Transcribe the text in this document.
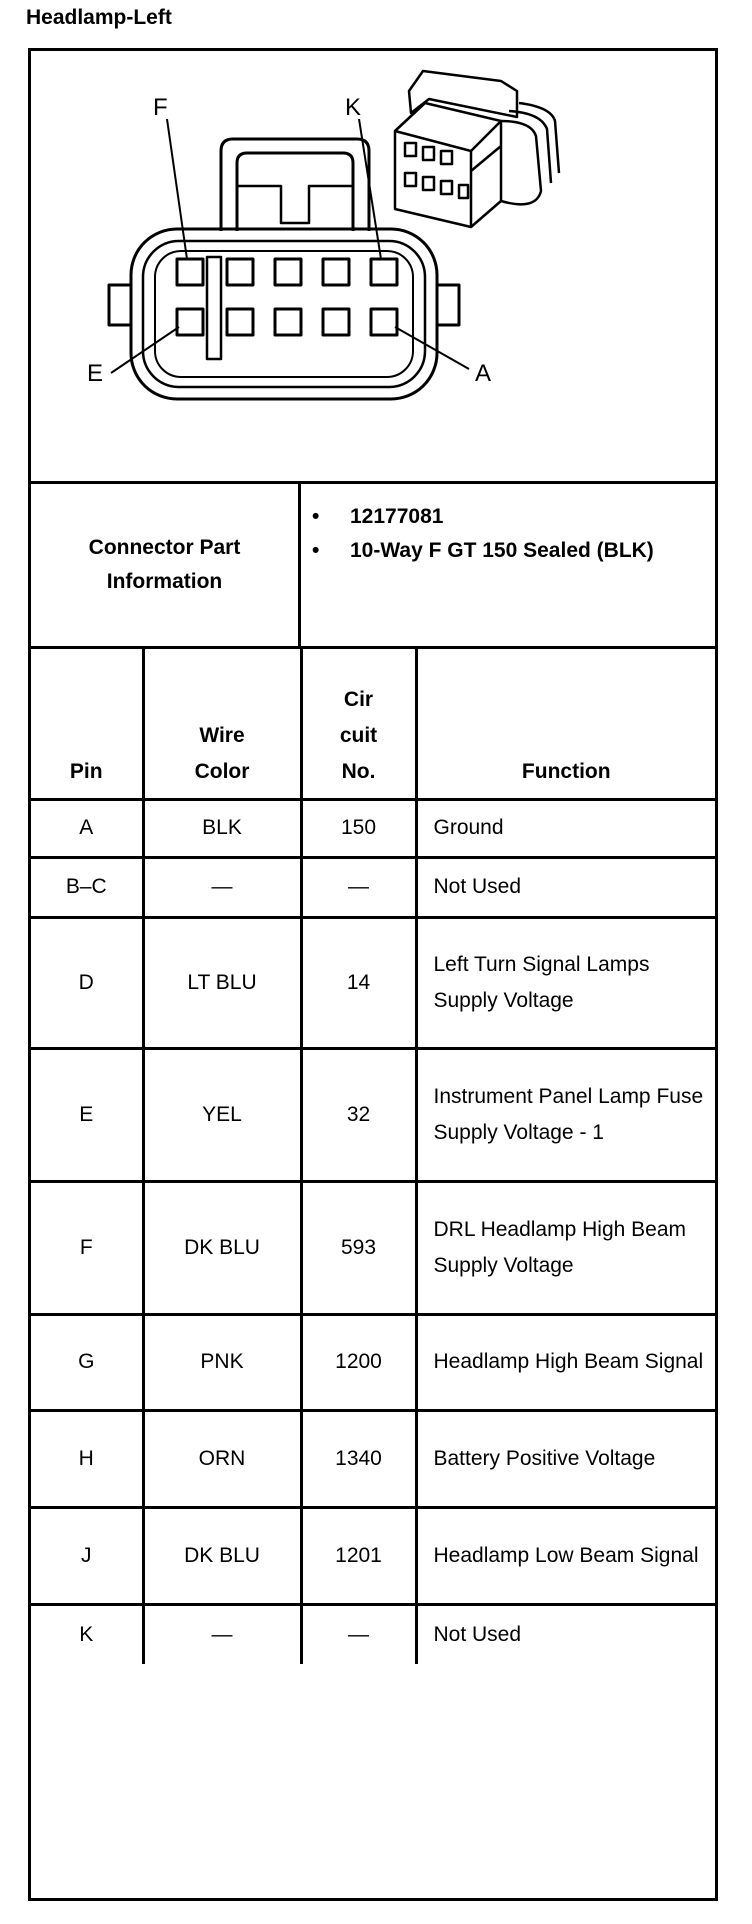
Headlamp-Left
F	K
E	A
Connector Part Information
•	12177081
•	10-Way F GT 150 Sealed (BLK)
Pin	Wire Color	Cir cuit No.	Function
A	BLK	150	Ground
B–C	—	—	Not Used
D	LT BLU	14	Left Turn Signal Lamps Supply Voltage
E	YEL	32	Instrument Panel Lamp Fuse Supply Voltage - 1
F	DK BLU	593	DRL Headlamp High Beam Supply Voltage
G	PNK	1200	Headlamp High Beam Signal
H	ORN	1340	Battery Positive Voltage
J	DK BLU	1201	Headlamp Low Beam Signal
K	—	—	Not Used
